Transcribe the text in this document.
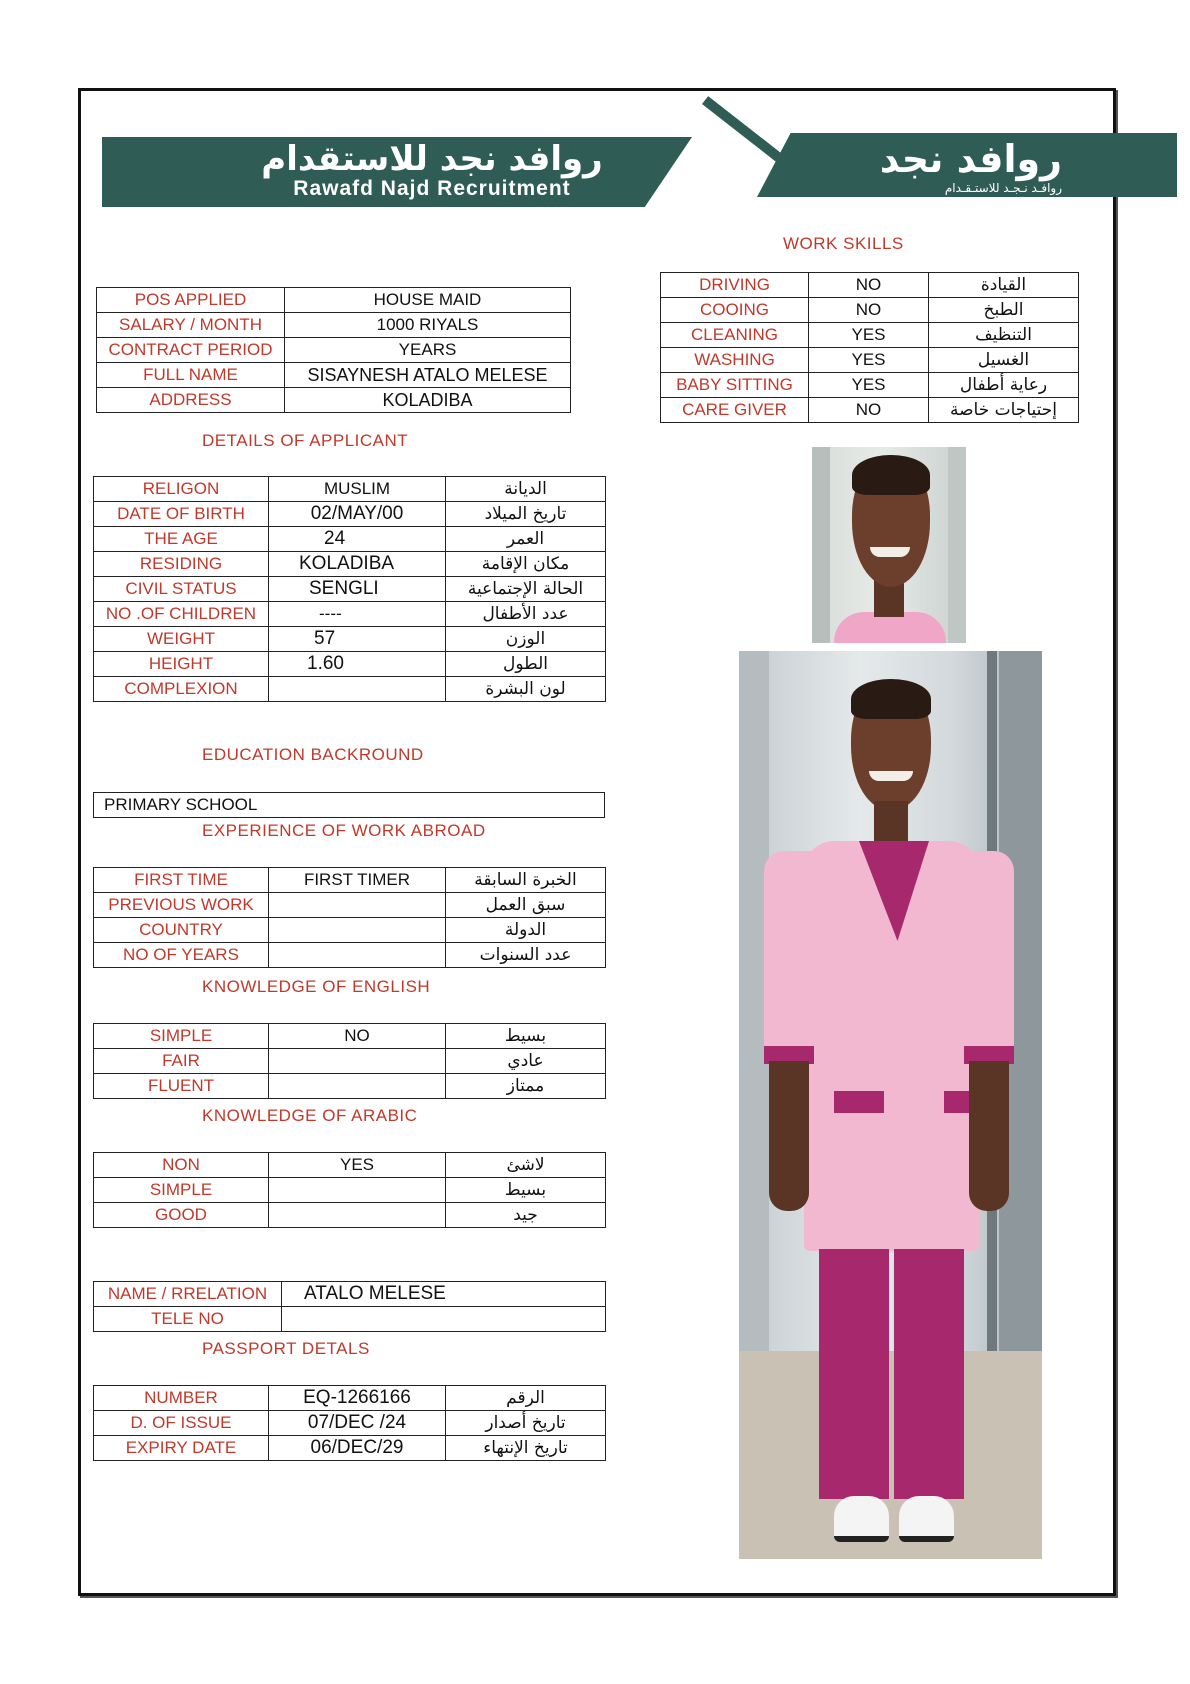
روافد نجد للاستقدام
Rawafd Najd Recruitment
روافد نجد
روافـد نـجـد للاستـقـدام
POS APPLIED	HOUSE MAID
SALARY / MONTH	1000 RIYALS
CONTRACT PERIOD	YEARS
FULL NAME	SISAYNESH ATALO MELESE
ADDRESS	KOLADIBA
WORK SKILLS
DRIVING	NO	القيادة
COOING	NO	الطبخ
CLEANING	YES	التنظيف
WASHING	YES	الغسيل
BABY SITTING	YES	رعاية أطفال
CARE GIVER	NO	إحتياجات خاصة
DETAILS OF APPLICANT
RELIGON	MUSLIM	الديانة
DATE OF BIRTH	02/MAY/00	تاريخ الميلاد
THE AGE	24	العمر
RESIDING	KOLADIBA	مكان الإقامة
CIVIL STATUS	SENGLI	الحالة الإجتماعية
NO .OF CHILDREN	----	عدد الأطفال
WEIGHT	57	الوزن
HEIGHT	1.60	الطول
COMPLEXION		لون البشرة
EDUCATION BACKROUND
PRIMARY SCHOOL
EXPERIENCE OF WORK ABROAD
FIRST TIME	FIRST TIMER	الخبرة السابقة
PREVIOUS WORK		سبق العمل
COUNTRY		الدولة
NO OF YEARS		عدد السنوات
KNOWLEDGE OF ENGLISH
SIMPLE	NO	بسيط
FAIR		عادي
FLUENT		ممتاز
KNOWLEDGE OF ARABIC
NON	YES	لاشئ
SIMPLE		بسيط
GOOD		جيد
NAME / RRELATION	ATALO MELESE
TELE NO	
PASSPORT DETALS
NUMBER	EQ-1266166	الرقم
D. OF ISSUE	07/DEC /24	تاريخ أصدار
EXPIRY DATE	06/DEC/29	تاريخ الإنتهاء
